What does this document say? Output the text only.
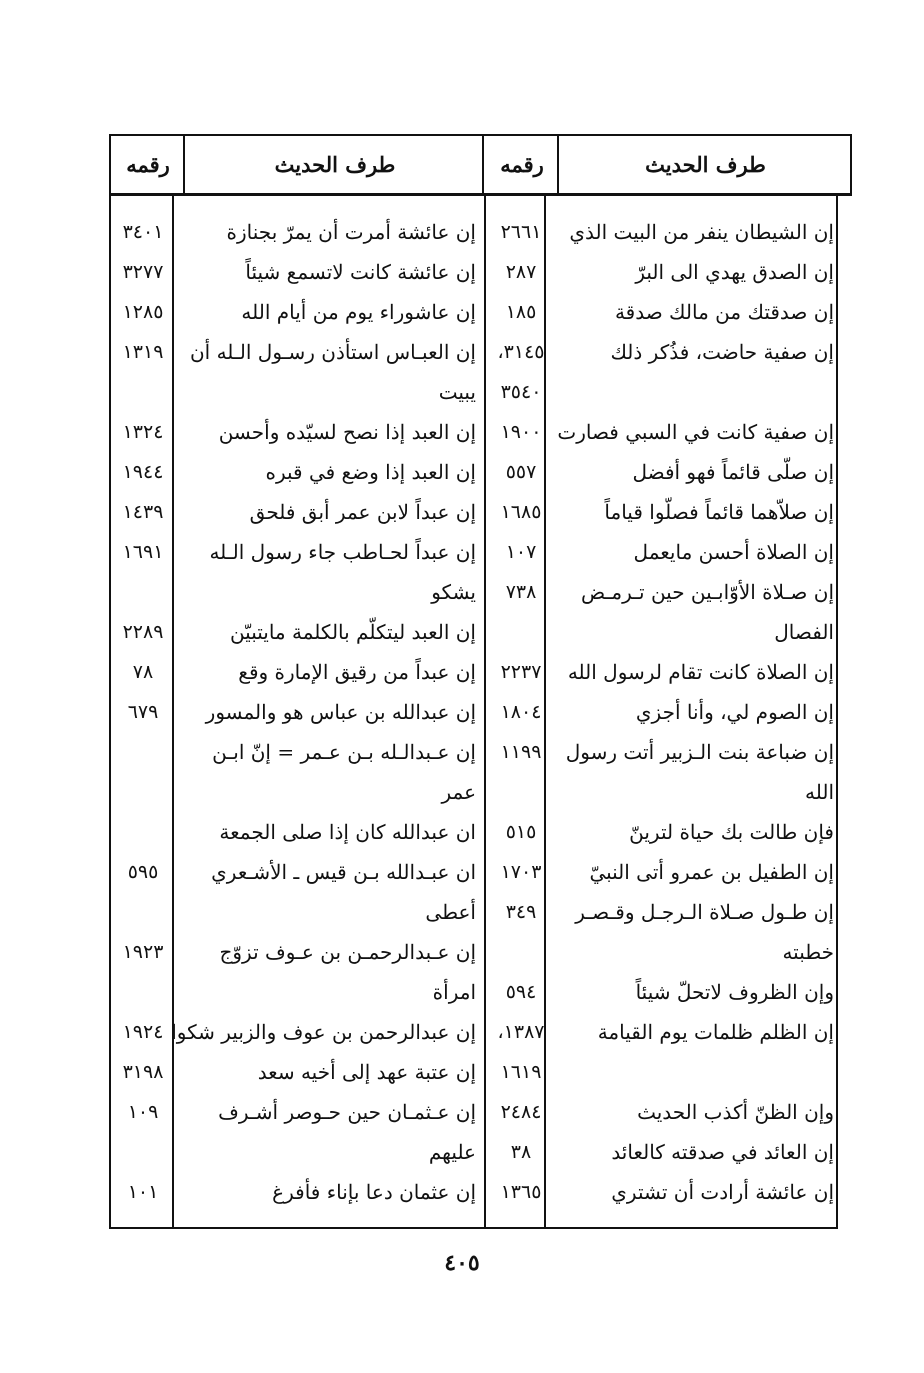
طرف الحديث
رقمه
طرف الحديث
رقمه
إن الشيطان ينفر من البيت الذي
٢٦٦١
إن عائشة أمرت أن يمرّ بجنازة
٣٤٠١
إن الصدق يهدي الى البرّ
٢٨٧
إن عائشة كانت لاتسمع شيئاً
٣٢٧٧
إن صدقتك من مالك صدقة
١٨٥
إن عاشوراء يوم من أيام الله
١٢٨٥
إن صفية حاضت، فذُكر ذلك
٣١٤٥،
إن العبـاس استأذن رسـول الـله أن
١٣١٩
٣٥٤٠
يبيت
إن صفية كانت في السبي فصارت
١٩٠٠
إن العبد إذا نصح لسيّده وأحسن
١٣٢٤
إن صلّى قائماً فهو أفضل
٥٥٧
إن العبد إذا وضع في قبره
١٩٤٤
إن صلاّهما قائماً فصلّوا قياماً
١٦٨٥
إن عبداً لابن عمر أبق فلحق
١٤٣٩
إن الصلاة أحسن مايعمل
١٠٧
إن عبداً لحـاطب جاء رسول الـله
١٦٩١
إن صـلاة الأوّابـين حين تـرمـض
٧٣٨
يشكو
الفصال
إن العبد ليتكلّم بالكلمة مايتبيّن
٢٢٨٩
إن الصلاة كانت تقام لرسول الله
٢٢٣٧
إن عبداً من رقيق الإمارة وقع
٧٨
إن الصوم لي، وأنا أجزي
١٨٠٤
إن عبدالله بن عباس هو والمسور
٦٧٩
إن ضباعة بنت الـزبير أتت رسول
١١٩٩
إن عـبدالـله بـن عـمر = إنّ ابـن
الله
عمر
فإن طالت بك حياة لترينّ
٥١٥
ان عبدالله كان إذا صلى الجمعة
إن الطفيل بن عمرو أتى النبيّ
١٧٠٣
ان عبـدالله بـن قيس ـ الأشـعري
٥٩٥
إن طـول صـلاة الـرجـل وقـصـر
٣٤٩
أعطى
خطبته
إن عـبدالرحمـن بن عـوف تزوّج
١٩٢٣
وإن الظروف لاتحلّ شيئاً
٥٩٤
امرأة
إن الظلم ظلمات يوم القيامة
١٣٨٧،
إن عبدالرحمن بن عوف والزبير شكوا
١٩٢٤
١٦١٩
إن عتبة عهد إلى أخيه سعد
٣١٩٨
وإن الظنّ أكذب الحديث
٢٤٨٤
إن عـثمـان حين حـوصر أشـرف
١٠٩
إن العائد في صدقته كالعائد
٣٨
عليهم
إن عائشة أرادت أن تشتري
١٣٦٥
إن عثمان دعا بإناء فأفرغ
١٠١
٤٠٥
